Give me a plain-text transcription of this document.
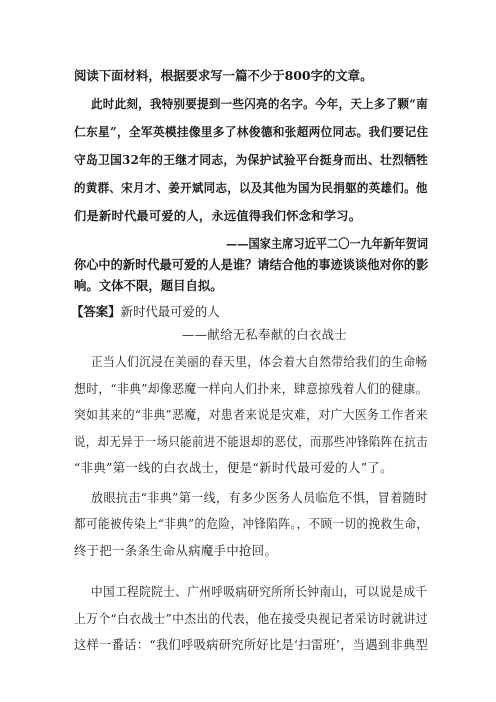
阅读下面材料，根据要求写一篇不少于800字的文章。
此时此刻，我特别要提到一些闪亮的名字。今年，天上多了颗“南
仁东星”，全军英模挂像里多了林俊德和张超两位同志。我们要记住
守岛卫国32年的王继才同志，为保护试验平台挺身而出、壮烈牺牲
的黄群、宋月才、姜开斌同志，以及其他为国为民捐躯的英雄们。他
们是新时代最可爱的人，永远值得我们怀念和学习。
——国家主席习近平二〇一九年新年贺词
你心中的新时代最可爱的人是谁？请结合他的事迹谈谈他对你的影
响。文体不限，题目自拟。
【答案】新时代最可爱的人
——献给无私奉献的白衣战士
正当人们沉浸在美丽的春天里，体会着大自然带给我们的生命畅
想时，“非典”却像恶魔一样向人们扑来，肆意掠残着人们的健康。
突如其来的“非典”恶魔，对患者来说是灾难，对广大医务工作者来
说，却无异于一场只能前进不能退却的恶仗，而那些冲锋陷阵在抗击
“非典”第一线的白衣战士，便是“新时代最可爱的人”了。
放眼抗击“非典”第一线，有多少医务人员临危不惧，冒着随时
都可能被传染上“非典”的危险，冲锋陷阵。，不顾一切的挽救生命，
终于把一条条生命从病魔手中抢回。
中国工程院院士、广州呼吸病研究所所长钟南山，可以说是成千
上万个“白衣战士”中杰出的代表，他在接受央视记者采访时就讲过
这样一番话：“我们呼吸病研究所好比是‘扫雷班’，当遇到非典型
